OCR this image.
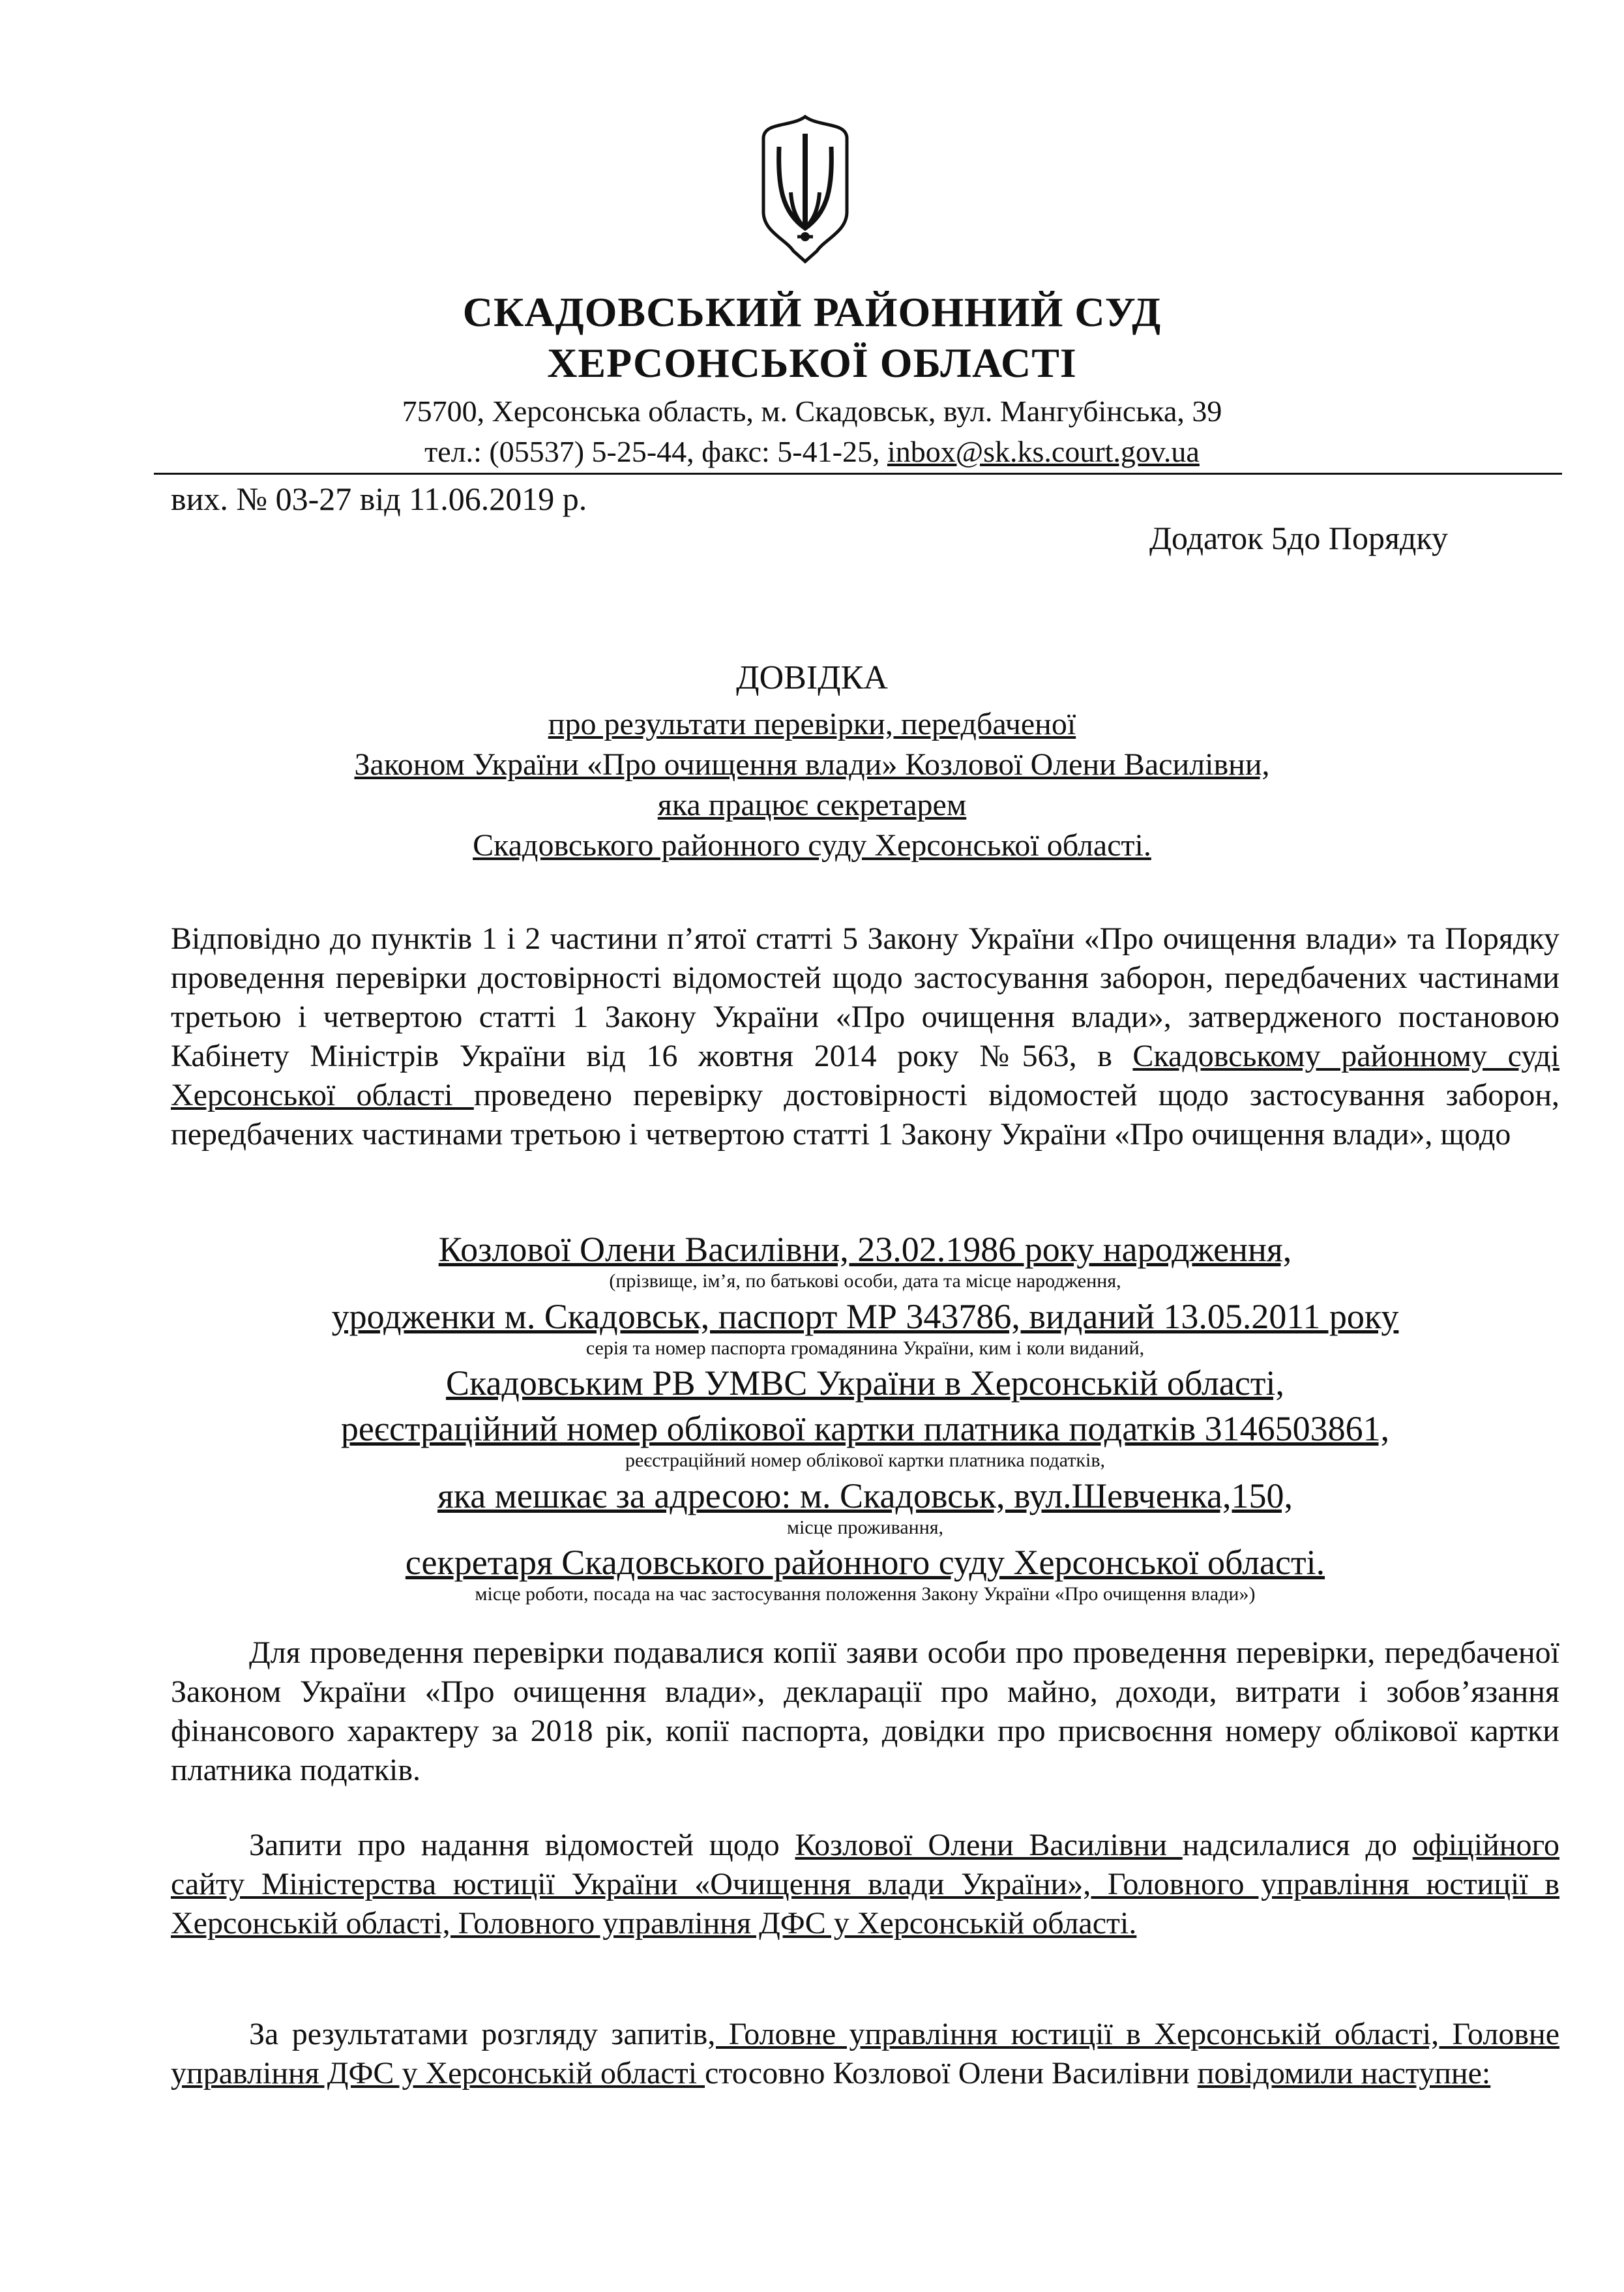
СКАДОВСЬКИЙ РАЙОННИЙ СУД
ХЕРСОНСЬКОЇ ОБЛАСТІ
75700, Херсонська область, м. Скадовськ, вул. Мангубінська, 39
тел.: (05537) 5-25-44, факс: 5-41-25, inbox@sk.ks.court.gov.ua
вих. № 03-27 від 11.06.2019 р.
Додаток 5до Порядку
ДОВІДКА
про результати перевірки, передбаченої
Законом України «Про очищення влади» Козлової Олени Василівни,
яка працює секретарем
Скадовського районного суду Херсонської області.
Відповідно до пунктів 1 і 2 частини п’ятої статті 5 Закону України «Про очищення влади» та Порядку проведення перевірки достовірності відомостей щодо застосування заборон, передбачених частинами третьою і четвертою статті 1 Закону України «Про очищення влади», затвердженого постановою Кабінету Міністрів України від 16 жовтня 2014 року №563, в Скадовському районному суді Херсонської області проведено перевірку достовірності відомостей щодо застосування заборон, передбачених частинами третьою і четвертою статті 1 Закону України «Про очищення влади», щодо
Козлової Олени Василівни, 23.02.1986 року народження,
(прізвище, ім’я, по батькові особи, дата та місце народження,
уродженки м. Скадовськ, паспорт МР 343786, виданий 13.05.2011 року
серія та номер паспорта громадянина України, ким і коли виданий,
Скадовським РВ УМВС України в Херсонській області,
реєстраційний номер облікової картки платника податків 3146503861,
реєстраційний номер облікової картки платника податків,
яка мешкає за адресою: м. Скадовськ, вул.Шевченка,150,
місце проживання,
секретаря Скадовського районного суду Херсонської області.
місце роботи, посада на час застосування положення Закону України «Про очищення влади»)
Для проведення перевірки подавалися копії заяви особи про проведення перевірки, передбаченої Законом України «Про очищення влади», декларації про майно, доходи, витрати і зобов’язання фінансового характеру за 2018 рік, копії паспорта, довідки про присвоєння номеру облікової картки платника податків.
Запити про надання відомостей щодо Козлової Олени Василівни надсилалися до офіційного сайту Міністерства юстиції України «Очищення влади України», Головного управління юстиції в Херсонській області, Головного управління ДФС у Херсонській області.
За результатами розгляду запитів, Головне управління юстиції в Херсонській області, Головне управління ДФС у Херсонській області стосовно Козлової Олени Василівни повідомили наступне:
